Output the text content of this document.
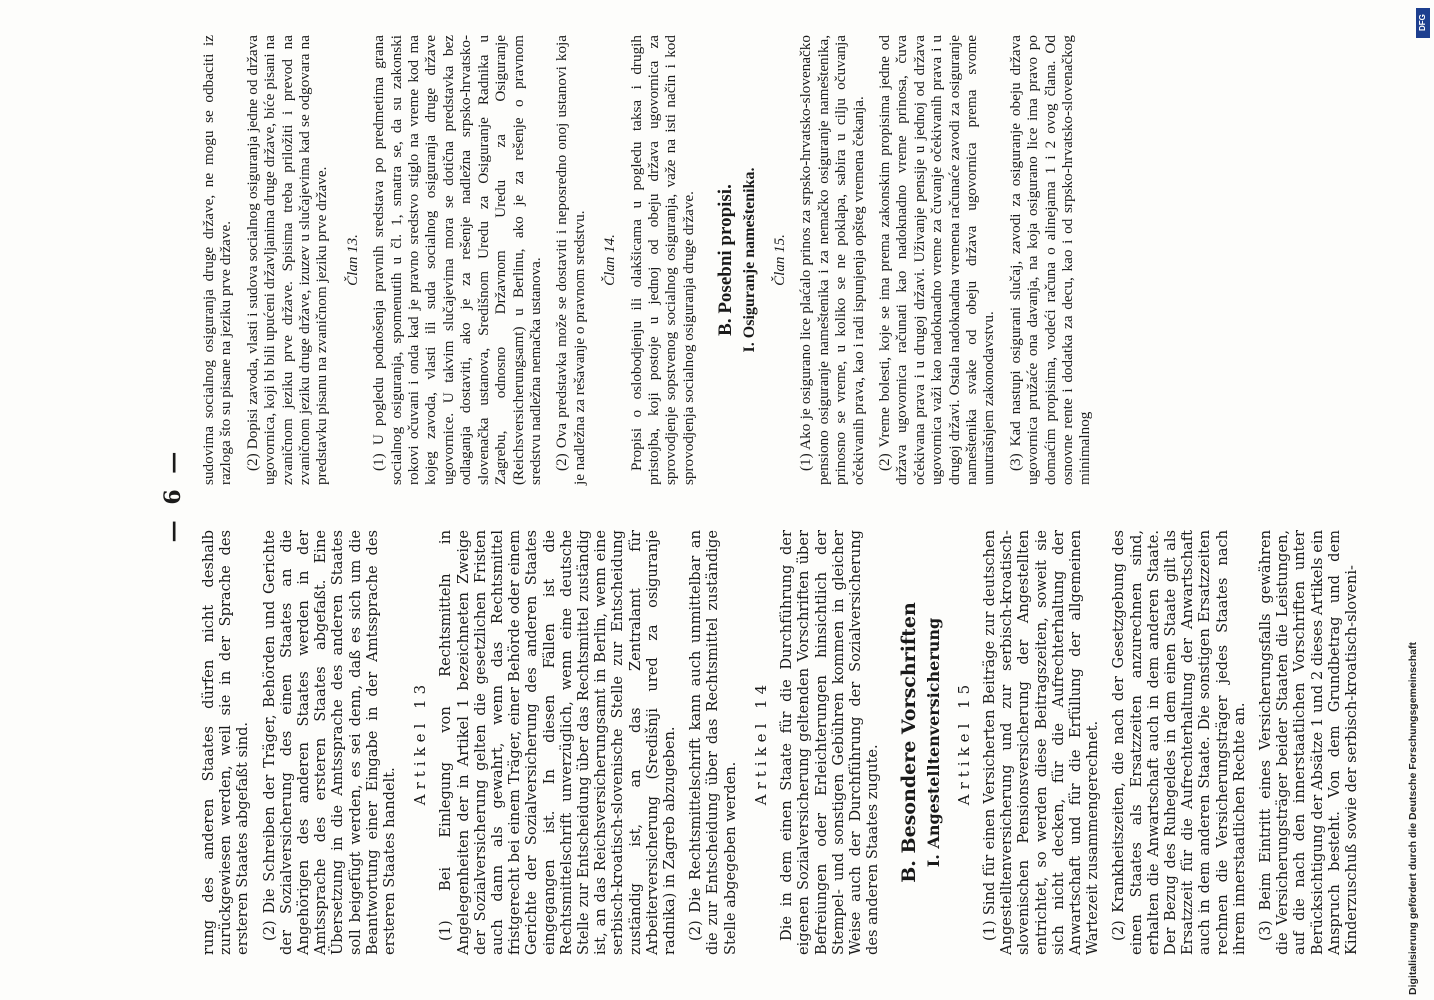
— 6 —

rung des anderen Staates dürfen nicht deshalb zurückgewiesen werden, weil sie in der Sprache des ersteren Staates abgefaßt sind. (2) Die Schreiben der Träger, Behörden und Gerichte der Sozialversicherung des einen Staates an die Angehörigen des anderen Staates werden in der Amtssprache des ersteren Staates abgefaßt. Eine Übersetzung in die Amtssprache des anderen Staates soll beigefügt werden, es sei denn, daß es sich um die Beantwortung einer Eingabe in der Amtssprache des ersteren Staates handelt.

Artikel 13 (1) Bei Einlegung von Rechtsmitteln in Angelegenheiten der in Artikel 1 bezeichneten Zweige der Sozialversicherung gelten die gesetzlichen Fristen auch dann als gewahrt, wenn das Rechtsmittel fristgerecht bei einem Träger, einer Behörde oder einem Gerichte der Sozialversicherung des anderen Staates eingegangen ist. In diesen Fällen ist die Rechtsmittelschrift unverzüglich, wenn eine deutsche Stelle zur Entscheidung über das Rechtsmittel zuständig ist, an das Reichsversicherungsamt in Berlin, wenn eine serbisch-kroatisch-slovenische Stelle zur Entscheidung zuständig ist, an das Zentralamt für Arbeiterversicherung (Središnji ured za osiguranje radnika) in Zagreb abzugeben. (2) Die Rechtsmittelschrift kann auch unmittelbar an die zur Entscheidung über das Rechtsmittel zuständige Stelle abgegeben werden.

Artikel 14 Die in dem einen Staate für die Durchführung der eigenen Sozialversicherung geltenden Vorschriften über Befreiungen oder Erleichterungen hinsichtlich der Stempel- und sonstigen Gebühren kommen in gleicher Weise auch der Durchführung der Sozialversicherung des anderen Staates zugute. B. Besondere Vorschriften I. Angestelltenversicherung Artikel 15 (1) Sind für einen Versicherten Beiträge zur deutschen Angestelltenversicherung und zur serbisch-kroatisch-slovenischen Pensionsversicherung der Angestellten entrichtet, so werden diese Beitragszeiten, soweit sie sich nicht decken, für die Aufrechterhaltung der Anwartschaft und für die Erfüllung der allgemeinen Wartezeit zusammengerechnet. (2) Krankheitszeiten, die nach der Gesetzgebung des einen Staates als Ersatzzeiten anzurechnen sind, erhalten die Anwartschaft auch in dem anderen Staate. Der Bezug des Ruhegeldes in dem einen Staate gilt als Ersatzzeit für die Aufrechterhaltung der Anwartschaft auch in dem anderen Staate. Die sonstigen Ersatzzeiten rechnen die Versicherungsträger jedes Staates nach ihrem innerstaatlichen Rechte an. (3) Beim Eintritt eines Versicherungsfalls gewähren die Versicherungsträger beider Staaten die Leistungen, auf die nach den innerstaatlichen Vorschriften unter Berücksichtigung der Absätze 1 und 2 dieses Artikels ein Anspruch besteht. Von dem Grundbetrag und dem Kinderzuschuß sowie der serbisch-kroatisch-sloveni-

sudovima socialnog osiguranja druge države, ne mogu se odbaciti iz razloga što su pisane na jeziku prve države. (2) Dopisi zavoda, vlasti i sudova socialnog osiguranja jedne od država ugovornica, koji bi bili upućeni državljanima druge države, biće pisani na zvaničnom jeziku prve države. Spisima treba priložiti i prevod na zvaničnom jeziku druge države, izuzev u slučajevima kad se odgovara na predstavku pisanu na zvaničnom jeziku prve države. Član 13. (1) U pogledu podnošenja pravnih sredstava po predmetima grana socialnog osiguranja, spomenutih u čl. 1, smatra se, da su zakonski rokovi očuvani i onda kad je pravno sredstvo stiglo na vreme kod ma kojeg zavoda, vlasti ili suda socialnog osiguranja druge države ugovornice. U takvim slučajevima mora se dotična predstavka bez odlaganja dostaviti, ako je za rešenje nadležna srpsko-hrvatsko-slovenačka ustanova, Središnom Uredu za Osiguranje Radnika u Zagrebu, odnosno Državnom Uredu za Osiguranje (Reichsversicherungsamt) u Berlinu, ako je za rešenje o pravnom sredstvu nadležna nemačka ustanova. (2) Ova predstavka može se dostaviti i neposredno onoj ustanovi koja je nadležna za rešavanje o pravnom sredstvu. Član 14. Propisi o oslobodjenju ili olakšicama u pogledu taksa i drugih pristojba, koji postoje u jednoj od obeju država ugovornica za sprovodjenje sopstvenog socialnog osiguranja, važe na isti način i kod sprovodjenja socialnog osiguranja druge države. B. Posebni propisi. I. Osiguranje nameštenika. Član 15. (1) Ako je osigurano lice plaćalo prinos za srpsko-hrvatsko-slovenačko pensiono osiguranje nameštenika i za nemačko osiguranje nameštenika, prinosno se vreme, u koliko se ne poklapa, sabira u cilju očuvanja očekivanih prava, kao i radi ispunjenja opšteg vremena čekanja. (2) Vreme bolesti, koje se ima prema zakonskim propisima jedne od država ugovornica računati kao nadoknadno vreme prinosa, čuva očekivana prava i u drugoj državi. Uživanje pensije u jednoj od država ugovornica važi kao nadoknadno vreme za čuvanje očekivanih prava i u drugoj državi. Ostala nadoknadna vremena računaće zavodi za osiguranje nameštenika svake od obeju država ugovornica prema svome unutrašnjem zakonodavstvu. (3) Kad nastupi osigurani slučaj, zavodi za osiguranje obeju država ugovornica pružaće ona davanja, na koja osigurano lice ima pravo po domaćim propisima, vodeći računa o alinejama 1 i 2 ovog člana. Od osnovne rente i dodatka za decu, kao i od srpsko-hrvatsko-slovenačkog minimalnog

Digitalisierung gefördert durch die Deutsche Forschungsgemeinschaft
DFG
